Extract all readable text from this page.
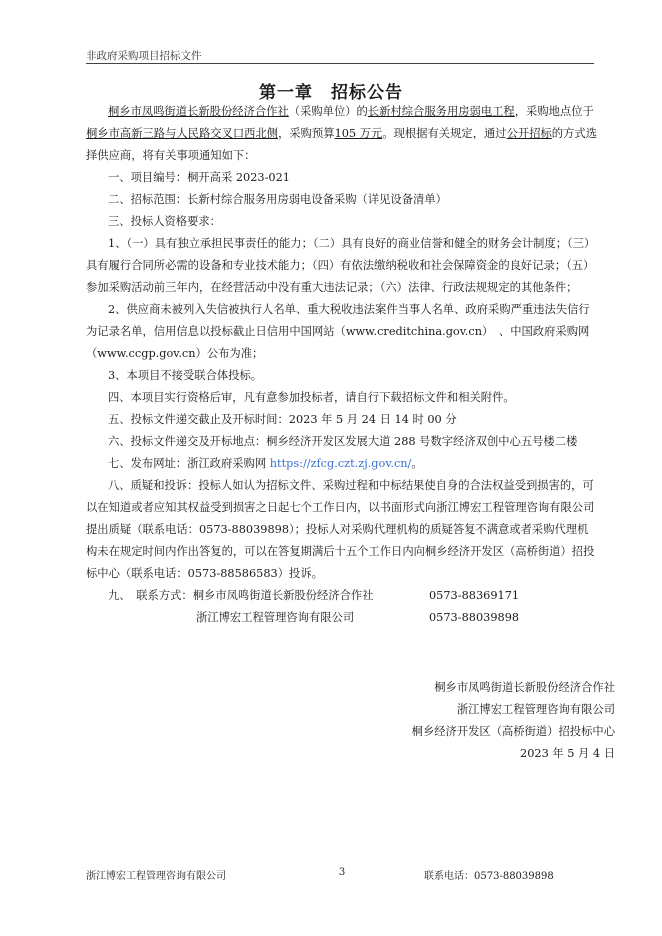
非政府采购项目招标文件
第一章　招标公告

桐乡市凤鸣街道长新股份经济合作社（采购单位）的长新村综合服务用房弱电工程，采购地点位于桐乡市高新三路与人民路交叉口西北侧，采购预算105 万元。现根据有关规定，通过公开招标的方式选择供应商，将有关事项通知如下：

一、项目编号：桐开高采 2023-021

二、招标范围：长新村综合服务用房弱电设备采购（详见设备清单）

三、投标人资格要求：

1、（一）具有独立承担民事责任的能力；（二）具有良好的商业信誉和健全的财务会计制度；（三）具有履行合同所必需的设备和专业技术能力；（四）有依法缴纳税收和社会保障资金的良好记录；（五）参加采购活动前三年内，在经营活动中没有重大违法记录；（六）法律、行政法规规定的其他条件；

2、供应商未被列入失信被执行人名单、重大税收违法案件当事人名单、政府采购严重违法失信行为记录名单，信用信息以投标截止日信用中国网站（www.creditchina.gov.cn）　、中国政府采购网（www.ccgp.gov.cn）公布为准；

3、本项目不接受联合体投标。

四、本项目实行资格后审，凡有意参加投标者，请自行下载招标文件和相关附件。

五、投标文件递交截止及开标时间：2023 年 5 月 24 日 14 时 00 分

六、投标文件递交及开标地点：桐乡经济开发区发展大道 288 号数字经济双创中心五号楼二楼

七、发布网址：浙江政府采购网 https://zfcg.czt.zj.gov.cn/。

八、质疑和投诉：投标人如认为招标文件、采购过程和中标结果使自身的合法权益受到损害的，可以在知道或者应知其权益受到损害之日起七个工作日内，以书面形式向浙江博宏工程管理咨询有限公司提出质疑（联系电话：0573-88039898）；投标人对采购代理机构的质疑答复不满意或者采购代理机构未在规定时间内作出答复的，可以在答复期满后十五个工作日内向桐乡经济开发区（高桥街道）招投标中心（联系电话：0573-88586583）投诉。

九、　联系方式：桐乡市凤鸣街道长新股份经济合作社	0573-88369171
浙江博宏工程管理咨询有限公司	0573-88039898
桐乡市凤鸣街道长新股份经济合作社
浙江博宏工程管理咨询有限公司
桐乡经济开发区（高桥街道）招投标中心
2023 年 5 月 4 日
浙江博宏工程管理咨询有限公司	3	联系电话：0573-88039898
